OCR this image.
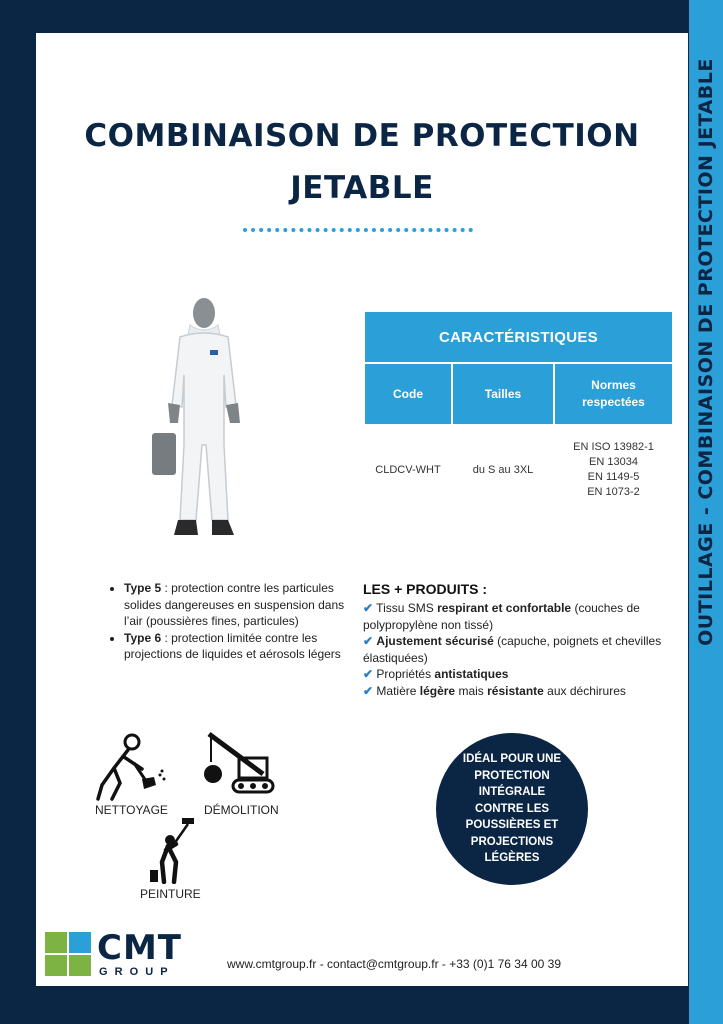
OUTILLAGE - COMBINAISON DE PROTECTION JETABLE
COMBINAISON DE PROTECTION
JETABLE
CARACTÉRISTIQUES		
Code	Tailles	Normes
respectées

CLDCV-WHT	du S au 3XL	EN ISO 13982-1
EN 13034
EN 1149-5
EN 1073-2
• Type 5 : protection contre les particules solides dangereuses en suspension dans l’air (poussières fines, particules)
• Type 6 : protection limitée contre les projections de liquides et aérosols légers
LES + PRODUITS :
✔ Tissu SMS respirant et confortable (couches de polypropylène non tissé)
✔ Ajustement sécurisé (capuche, poignets et chevilles élastiquées)
✔ Propriétés antistatiques
✔ Matière légère mais résistante aux déchirures
NETTOYAGE	DÉMOLITION
PEINTURE
IDÉAL POUR UNE
PROTECTION
INTÉGRALE
CONTRE LES
POUSSIÈRES ET
PROJECTIONS
LÉGÈRES
CMT
G R O U P
www.cmtgroup.fr - contact@cmtgroup.fr - +33 (0)1 76 34 00 39
